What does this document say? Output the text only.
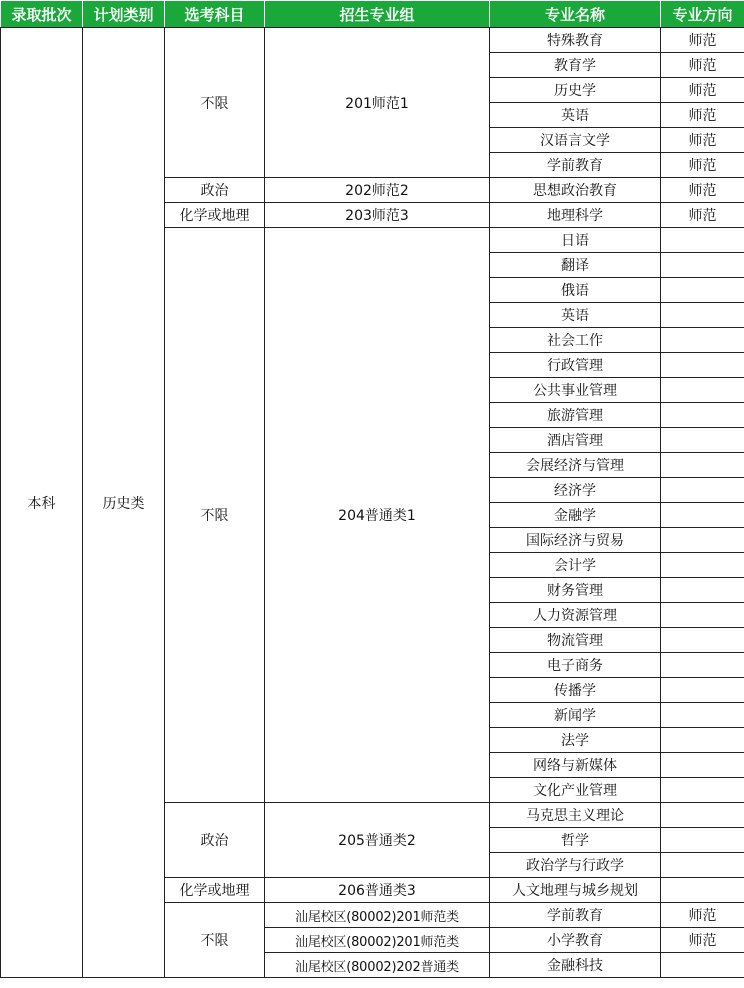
录取批次	计划类别	选考科目	招生专业组	专业名称	专业方向
本科	历史类	不限	201师范1	特殊教育	师范
				教育学	师范
				历史学	师范
				英语	师范
				汉语言文学	师范
				学前教育	师范
		政治	202师范2	思想政治教育	师范
		化学或地理	203师范3	地理科学	师范
		不限	204普通类1	日语	
				翻译	
				俄语	
				英语	
				社会工作	
				行政管理	
				公共事业管理	
				旅游管理	
				酒店管理	
				会展经济与管理	
				经济学	
				金融学	
				国际经济与贸易	
				会计学	
				财务管理	
				人力资源管理	
				物流管理	
				电子商务	
				传播学	
				新闻学	
				法学	
				网络与新媒体	
				文化产业管理	
		政治	205普通类2	马克思主义理论	
				哲学	
				政治学与行政学	
		化学或地理	206普通类3	人文地理与城乡规划	
		不限	汕尾校区(80002)201师范类	学前教育	师范
			汕尾校区(80002)201师范类	小学教育	师范
			汕尾校区(80002)202普通类	金融科技	
